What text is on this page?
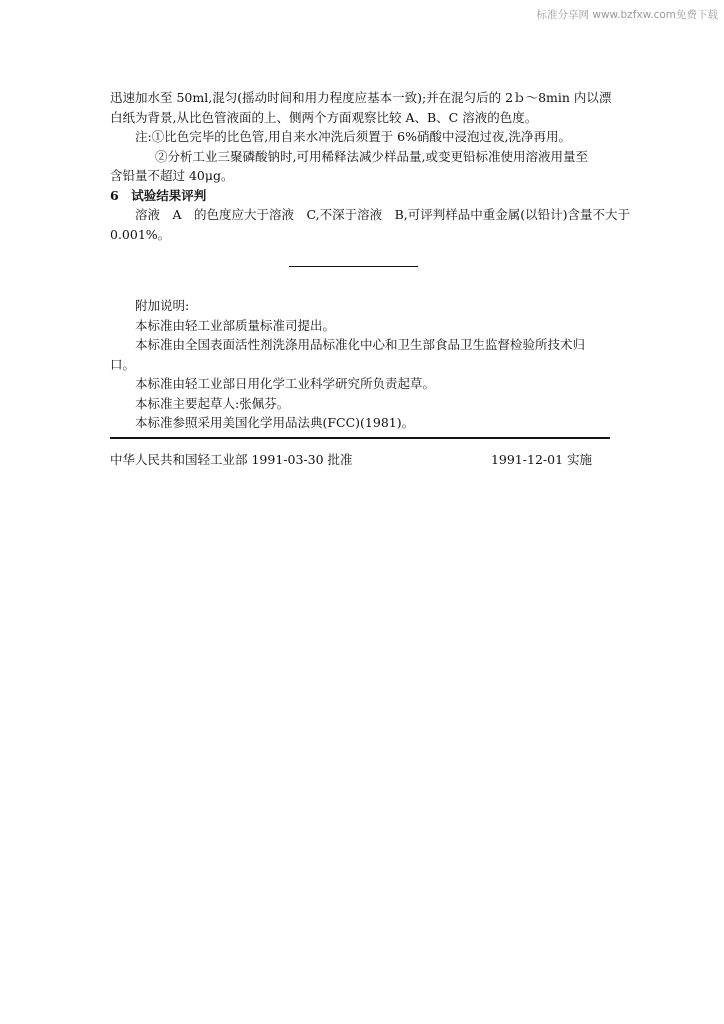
标准分享网 www.bzfxw.com免费下载
迅速加水至 50ml,混匀(摇动时间和用力程度应基本一致);并在混匀后的 2ｂ～8min 内以漂
白纸为背景,从比色管液面的上、侧两个方面观察比较 A、B、C 溶液的色度。
注:①比色完毕的比色管,用自来水冲洗后须置于 6%硝酸中浸泡过夜,洗净再用。
②分析工业三聚磷酸钠时,可用稀释法减少样品量,或变更铅标准使用溶液用量至
含铅量不超过 40μg。
6　试验结果评判
溶液　A　的色度应大于溶液　C,不深于溶液　B,可评判样品中重金属(以铅计)含量不大于
0.001%。
附加说明:
本标准由轻工业部质量标准司提出。
本标准由全国表面活性剂洗涤用品标准化中心和卫生部食品卫生监督检验所技术归
口。
本标准由轻工业部日用化学工业科学研究所负责起草。
本标准主要起草人:张佩芬。
本标准参照采用美国化学用品法典(FCC)(1981)。
中华人民共和国轻工业部 1991-03-30 批准	1991-12-01 实施
